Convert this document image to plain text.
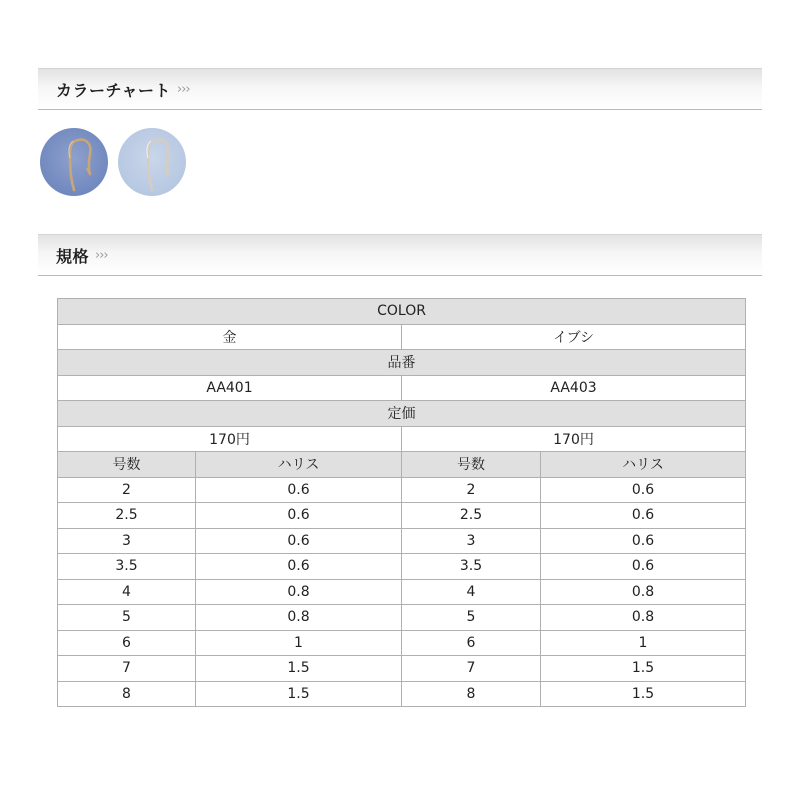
カラーチャート ›››
規格 ›››
COLOR			
金		イブシ	
品番			
AA401		AA403	
定価			
170円		170円	
号数	ハリス	号数	ハリス
2	0.6	2	0.6
2.5	0.6	2.5	0.6
3	0.6	3	0.6
3.5	0.6	3.5	0.6
4	0.8	4	0.8
5	0.8	5	0.8
6	1	6	1
7	1.5	7	1.5
8	1.5	8	1.5
